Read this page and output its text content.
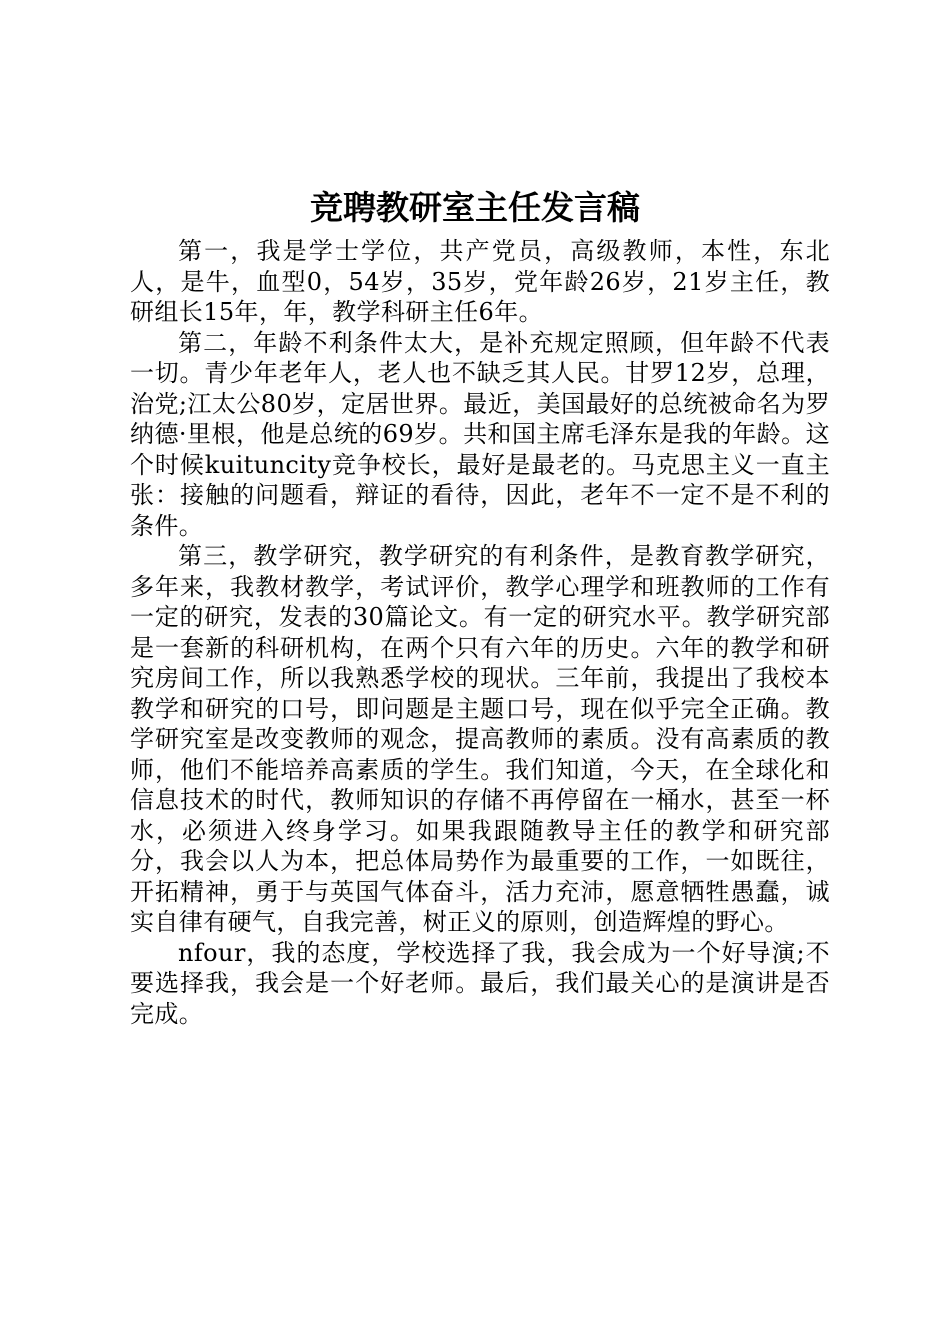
竞聘教研室主任发言稿

第一，我是学士学位，共产党员，高级教师，本性，东北人，是牛，血型0，54岁，35岁，党年龄26岁，21岁主任，教研组长15年，年，教学科研主任6年。

第二，年龄不利条件太大，是补充规定照顾，但年龄不代表一切。青少年老年人，老人也不缺乏其人民。甘罗12岁，总理，治党;江太公80岁，定居世界。最近，美国最好的总统被命名为罗纳德·里根，他是总统的69岁。共和国主席毛泽东是我的年龄。这个时候kuituncity竞争校长，最好是最老的。马克思主义一直主张：接触的问题看，辩证的看待，因此，老年不一定不是不利的条件。

第三，教学研究，教学研究的有利条件，是教育教学研究，多年来，我教材教学，考试评价，教学心理学和班教师的工作有一定的研究，发表的30篇论文。有一定的研究水平。教学研究部是一套新的科研机构，在两个只有六年的历史。六年的教学和研究房间工作，所以我熟悉学校的现状。三年前，我提出了我校本教学和研究的口号，即问题是主题口号，现在似乎完全正确。教学研究室是改变教师的观念，提高教师的素质。没有高素质的教师，他们不能培养高素质的学生。我们知道，今天，在全球化和信息技术的时代，教师知识的存储不再停留在一桶水，甚至一杯水，必须进入终身学习。如果我跟随教导主任的教学和研究部分，我会以人为本，把总体局势作为最重要的工作，一如既往，开拓精神，勇于与英国气体奋斗，活力充沛，愿意牺牲愚蠢，诚实自律有硬气，自我完善，树正义的原则，创造辉煌的野心。

nfour，我的态度，学校选择了我，我会成为一个好导演;不要选择我，我会是一个好老师。最后，我们最关心的是演讲是否完成。
